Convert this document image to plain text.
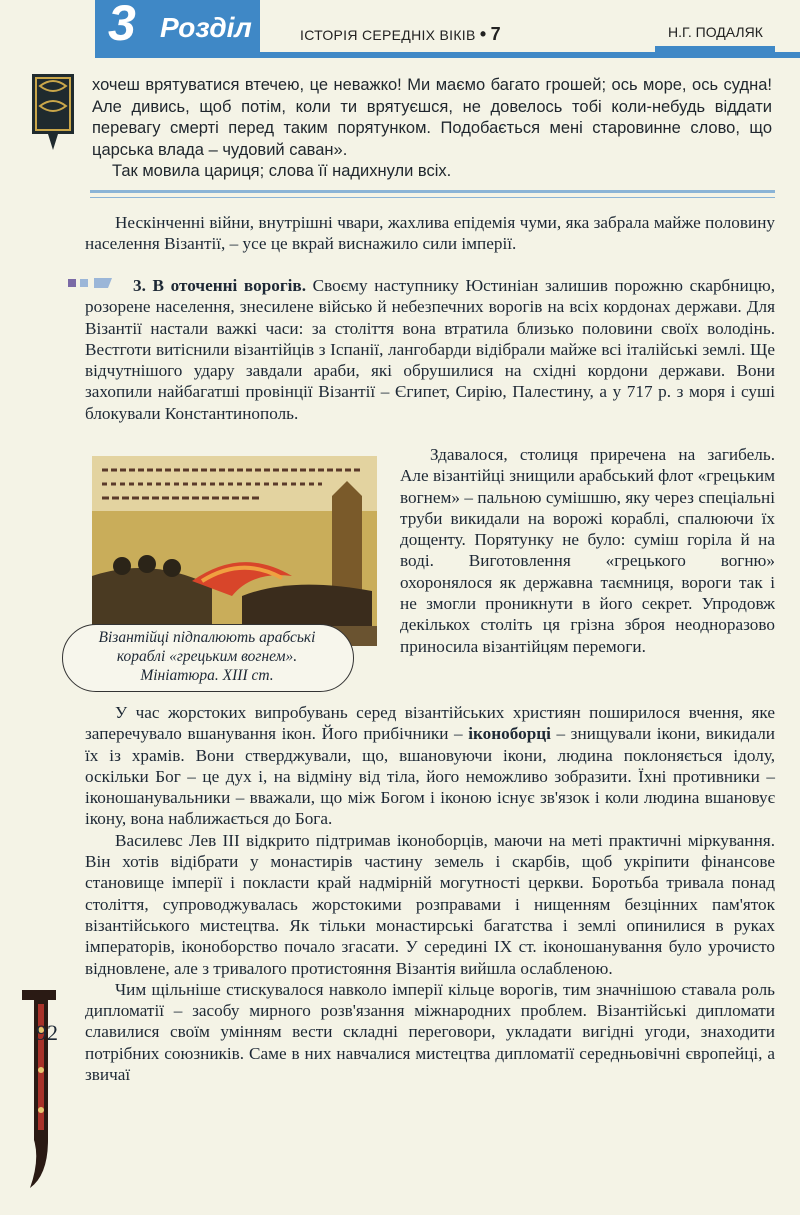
3 Розділ	ІСТОРІЯ СЕРЕДНІХ ВІКІВ • 7	Н.Г. ПОДАЛЯК

хочеш врятуватися втечею, це неважко! Ми маємо багато грошей; ось море, ось судна! Але дивись, щоб потім, коли ти врятуєшся, не довелось тобі коли-небудь віддати перевагу смерті перед таким порятунком. Подобається мені старовинне слово, що царська влада – чудовий саван».

Так мовила цариця; слова її надихнули всіх.

Нескінченні війни, внутрішні чвари, жахлива епідемія чуми, яка забрала майже половину населення Візантії, – усе це вкрай виснажило сили імперії.

3. В оточенні ворогів. Своєму наступнику Юстиніан залишив порожню скарбницю, розорене населення, знесилене військо й небезпечних ворогів на всіх кордонах держави. Для Візантії настали важкі часи: за століття вона втратила близько половини своїх володінь. Вестготи витіснили візантійців з Іспанії, лангобарди відібрали майже всі італійські землі. Ще відчутнішого удару завдали араби, які обрушилися на східні кордони держави. Вони захопили найбагатші провінції Візантії – Єгипет, Сирію, Палестину, а у 717 р. з моря і суші блокували Константинополь.

Візантійці підпалюють арабські
кораблі «грецьким вогнем».
Мініатюра. XIII ст.

Здавалося, столиця приречена на загибель. Але візантійці знищили арабський флот «грецьким вогнем» – пальною сумішшю, яку через спеціальні труби викидали на ворожі кораблі, спалюючи їх дощенту. Порятунку не було: суміш горіла й на воді. Виготовлення «грецького вогню» охоронялося як державна таємниця, вороги так і не змогли проникнути в його секрет. Упродовж декількох століть ця грізна зброя неодноразово приносила візантійцям перемоги.

У час жорстоких випробувань серед візантійських християн поширилося вчення, яке заперечувало вшанування ікон. Його прибічники – іконоборці – знищували ікони, викидали їх із храмів. Вони стверджували, що, вшановуючи ікони, людина поклоняється ідолу, оскільки Бог – це дух і, на відміну від тіла, його неможливо зобразити. Їхні противники – іконошанувальники – вважали, що між Богом і іконою існує зв'язок і коли людина вшановує ікону, вона наближається до Бога.

Василевс Лев III відкрито підтримав іконоборців, маючи на меті практичні міркування. Він хотів відібрати у монастирів частину земель і скарбів, щоб укріпити фінансове становище імперії і покласти край надмірній могутності церкви. Боротьба тривала понад століття, супроводжувалась жорстокими розправами і нищенням безцінних пам'яток візантійського мистецтва. Як тільки монастирські багатства і землі опинилися в руках імператорів, іконоборство почало згасати. У середині IX ст. іконошанування було урочисто відновлене, але з тривалого протистояння Візантія вийшла ослабленою.

Чим щільніше стискувалося навколо імперії кільце ворогів, тим значнішою ставала роль дипломатії – засобу мирного розв'язання міжнародних проблем. Візантійські дипломати славилися своїм умінням вести складні переговори, укладати вигідні угоди, знаходити потрібних союзників. Саме в них навчалися мистецтва дипломатії середньовічні європейці, а звичаї

92
